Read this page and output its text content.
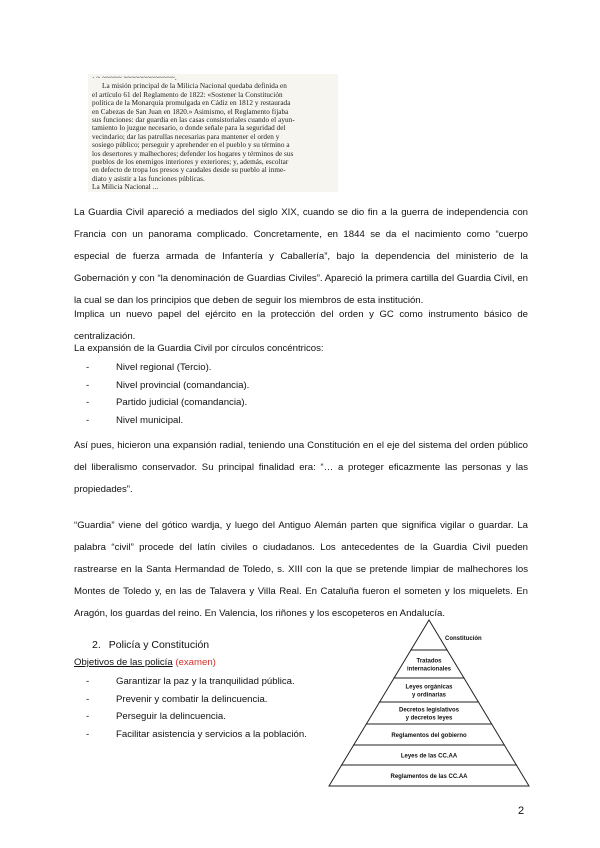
· ~ ~~~~~ ~~~~~~~~~~~~~.
La misión principal de la Milicia Nacional quedaba definida en
el artículo 61 del Reglamento de 1822: «Sostener la Constitución
política de la Monarquía promulgada en Cádiz en 1812 y restaurada
en Cabezas de San Juan en 1820.» Asimismo, el Reglamento fijaba
sus funciones: dar guardia en las casas consistoriales cuando el ayun-
tamiento lo juzgue necesario, o donde señale para la seguridad del
vecindario; dar las patrullas necesarias para mantener el orden y
sosiego público; perseguir y aprehender en el pueblo y su término a
los desertores y malhechores; defender los hogares y términos de sus
pueblos de los enemigos interiores y exteriores; y, además, escoltar
en defecto de tropa los presos y caudales desde su pueblo al inme-
diato y asistir a las funciones públicas.
La Milicia Nacional ...

La Guardia Civil apareció a mediados del siglo XIX, cuando se dio fin a la guerra de independencia con Francia con un panorama complicado. Concretamente, en 1844 se da el nacimiento como “cuerpo especial de fuerza armada de Infantería y Caballería”, bajo la dependencia del ministerio de la Gobernación y con “la denominación de Guardias Civiles”. Apareció la primera cartilla del Guardia Civil, en la cual se dan los principios que deben de seguir los miembros de esta institución.

Implica un nuevo papel del ejército en la protección del orden y GC como instrumento básico de centralización.

La expansión de la Guardia Civil por círculos concéntricos:

-	Nivel regional (Tercio).
-	Nivel provincial (comandancia).
-	Partido judicial (comandancia).
-	Nivel municipal.

Así pues, hicieron una expansión radial, teniendo una Constitución en el eje del sistema del orden público del liberalismo conservador. Su principal finalidad era: “… a proteger eficazmente las personas y las propiedades”.

“Guardia” viene del gótico wardja, y luego del Antiguo Alemán parten que significa vigilar o guardar. La palabra “civil” procede del latín civiles o ciudadanos. Los antecedentes de la Guardia Civil pueden rastrearse en la Santa Hermandad de Toledo, s. XIII con la que se pretende limpiar de malhechores los Montes de Toledo y, en las de Talavera y Villa Real. En Cataluña fueron el someten y los miquelets. En Aragón, los guardas del reino. En Valencia, los riñones y los escopeteros en Andalucía.

2. Policía y Constitución
Objetivos de las policía (examen)
-	Garantizar la paz y la tranquilidad pública.
-	Prevenir y combatir la delincuencia.
-	Perseguir la delincuencia.
-	Facilitar asistencia y servicios a la población.
Constitución
Tratados
internacionales
Leyes orgánicas
y ordinarias
Decretos legislativos
y decretos leyes
Reglamentos del gobierno
Leyes de las CC.AA
Reglamentos de las CC.AA
2
